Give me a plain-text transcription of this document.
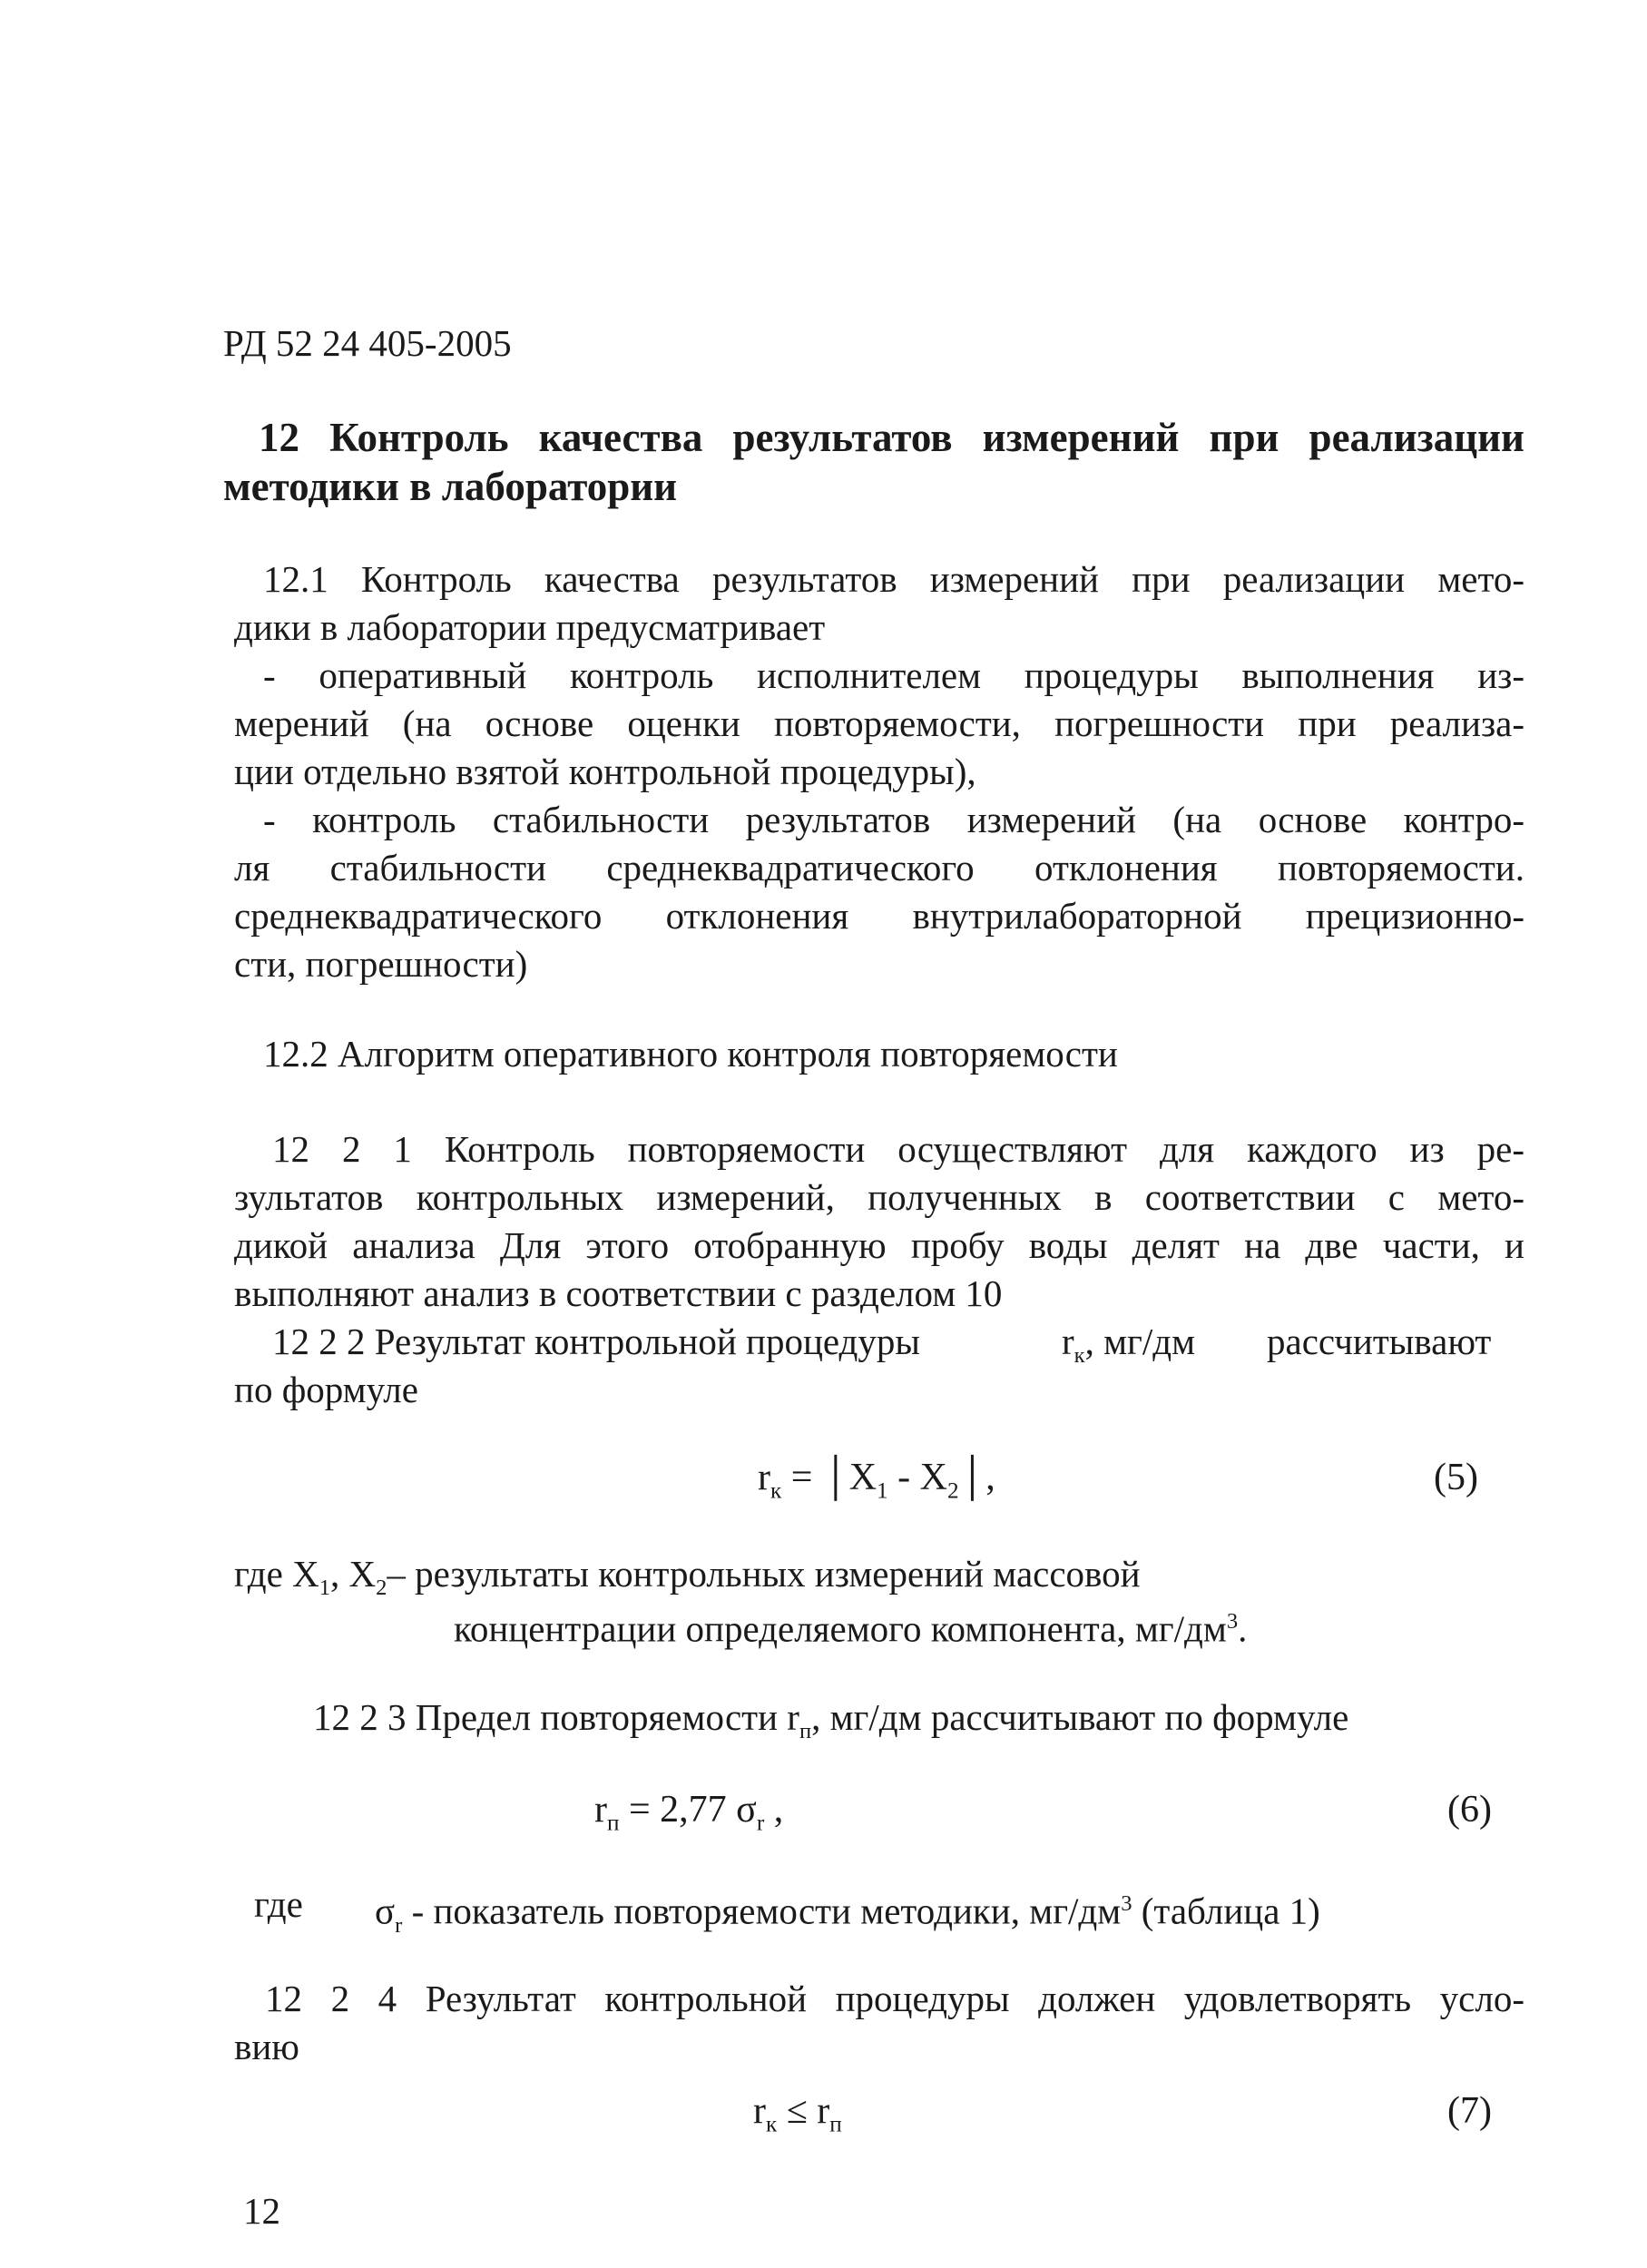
РД 52 24 405-2005
12 Контроль качества результатов измерений при реализации
методики в лаборатории
12.1 Контроль качества результатов измерений при реализации мето-
дики в лаборатории предусматривает
- оперативный контроль исполнителем процедуры выполнения из-
мерений (на основе оценки повторяемости, погрешности при реализа-
ции отдельно взятой контрольной процедуры),
- контроль стабильности результатов измерений (на основе контро-
ля стабильности среднеквадратического отклонения повторяемости.
среднеквадратического отклонения внутрилабораторной прецизионно-
сти, погрешности)
12.2 Алгоритм оперативного контроля повторяемости
12 2 1 Контроль повторяемости осуществляют для каждого из ре-
зультатов контрольных измерений, полученных в соответствии с мето-
дикой анализа Для этого отобранную пробу воды делят на две части, и
выполняют анализ в соответствии с разделом 10
12 2 2 Результат контрольной процедуры	$r_к$, мг/дм рассчитывают
по формуле
$r_к$ = $│X_1$ - $X_2│$,	(5)
где $X_1$, $X_2-$ результаты контрольных измерений массовой
концентрации определяемого компонента, $мг/дм^3$.
12 2 3 Предел повторяемости $r_п$, мг/дм рассчитывают по формуле
$r_п = 2,77$ $\sigma_r$ ,	(6)
где $\sigma_r$ - показатель повторяемости методики, $мг/дм^3$ (таблица 1)
12 2 4 Результат контрольной процедуры должен удовлетворять усло-
вию
$r_к \le r_п$	(7)
12
